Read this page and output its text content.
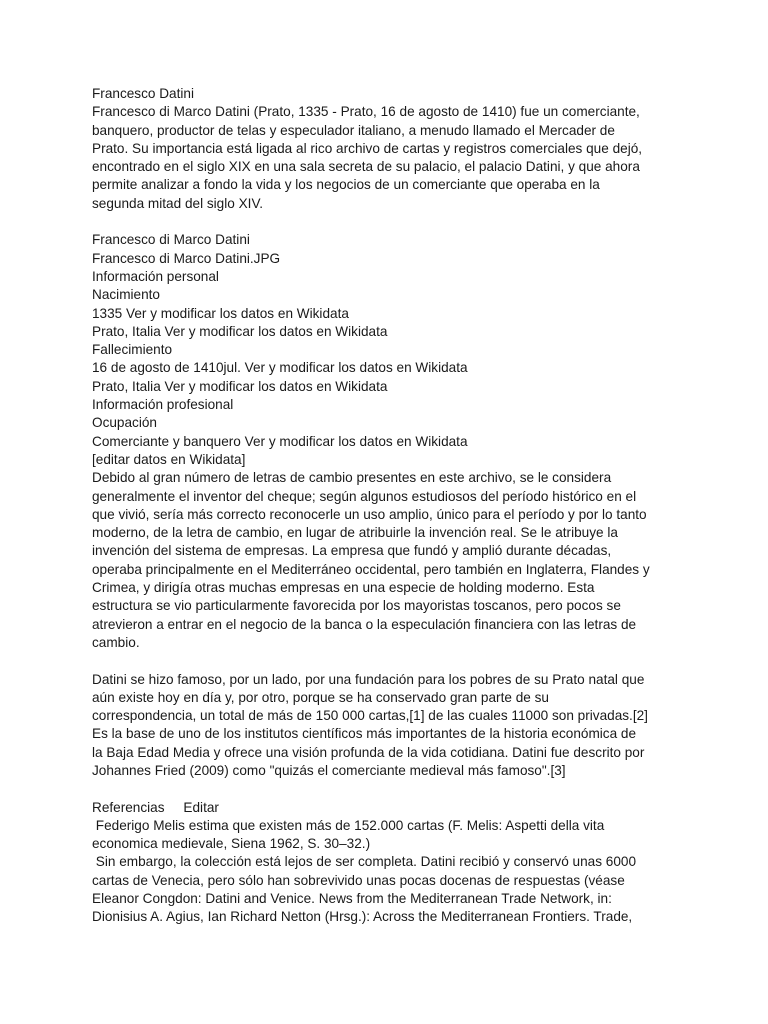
Francesco Datini
Francesco di Marco Datini (Prato, 1335 - Prato, 16 de agosto de 1410) fue un comerciante,
banquero, productor de telas y especulador italiano, a menudo llamado el Mercader de
Prato. Su importancia está ligada al rico archivo de cartas y registros comerciales que dejó,
encontrado en el siglo XIX en una sala secreta de su palacio, el palacio Datini, y que ahora
permite analizar a fondo la vida y los negocios de un comerciante que operaba en la
segunda mitad del siglo XIV.
Francesco di Marco Datini
Francesco di Marco Datini.JPG
Información personal
Nacimiento
1335 Ver y modificar los datos en Wikidata
Prato, Italia Ver y modificar los datos en Wikidata
Fallecimiento
16 de agosto de 1410jul. Ver y modificar los datos en Wikidata
Prato, Italia Ver y modificar los datos en Wikidata
Información profesional
Ocupación
Comerciante y banquero Ver y modificar los datos en Wikidata
[editar datos en Wikidata]
Debido al gran número de letras de cambio presentes en este archivo, se le considera
generalmente el inventor del cheque; según algunos estudiosos del período histórico en el
que vivió, sería más correcto reconocerle un uso amplio, único para el período y por lo tanto
moderno, de la letra de cambio, en lugar de atribuirle la invención real. Se le atribuye la
invención del sistema de empresas. La empresa que fundó y amplió durante décadas,
operaba principalmente en el Mediterráneo occidental, pero también en Inglaterra, Flandes y
Crimea, y dirigía otras muchas empresas en una especie de holding moderno. Esta
estructura se vio particularmente favorecida por los mayoristas toscanos, pero pocos se
atrevieron a entrar en el negocio de la banca o la especulación financiera con las letras de
cambio.
Datini se hizo famoso, por un lado, por una fundación para los pobres de su Prato natal que
aún existe hoy en día y, por otro, porque se ha conservado gran parte de su
correspondencia, un total de más de 150 000 cartas,[1] de las cuales 11000 son privadas.[2]
Es la base de uno de los institutos científicos más importantes de la historia económica de
la Baja Edad Media y ofrece una visión profunda de la vida cotidiana. Datini fue descrito por
Johannes Fried (2009) como "quizás el comerciante medieval más famoso".[3]
Referencias     Editar
Federigo Melis estima que existen más de 152.000 cartas (F. Melis: Aspetti della vita
economica medievale, Siena 1962, S. 30–32.)
Sin embargo, la colección está lejos de ser completa. Datini recibió y conservó unas 6000
cartas de Venecia, pero sólo han sobrevivido unas pocas docenas de respuestas (véase
Eleanor Congdon: Datini and Venice. News from the Mediterranean Trade Network, in:
Dionisius A. Agius, Ian Richard Netton (Hrsg.): Across the Mediterranean Frontiers. Trade,
